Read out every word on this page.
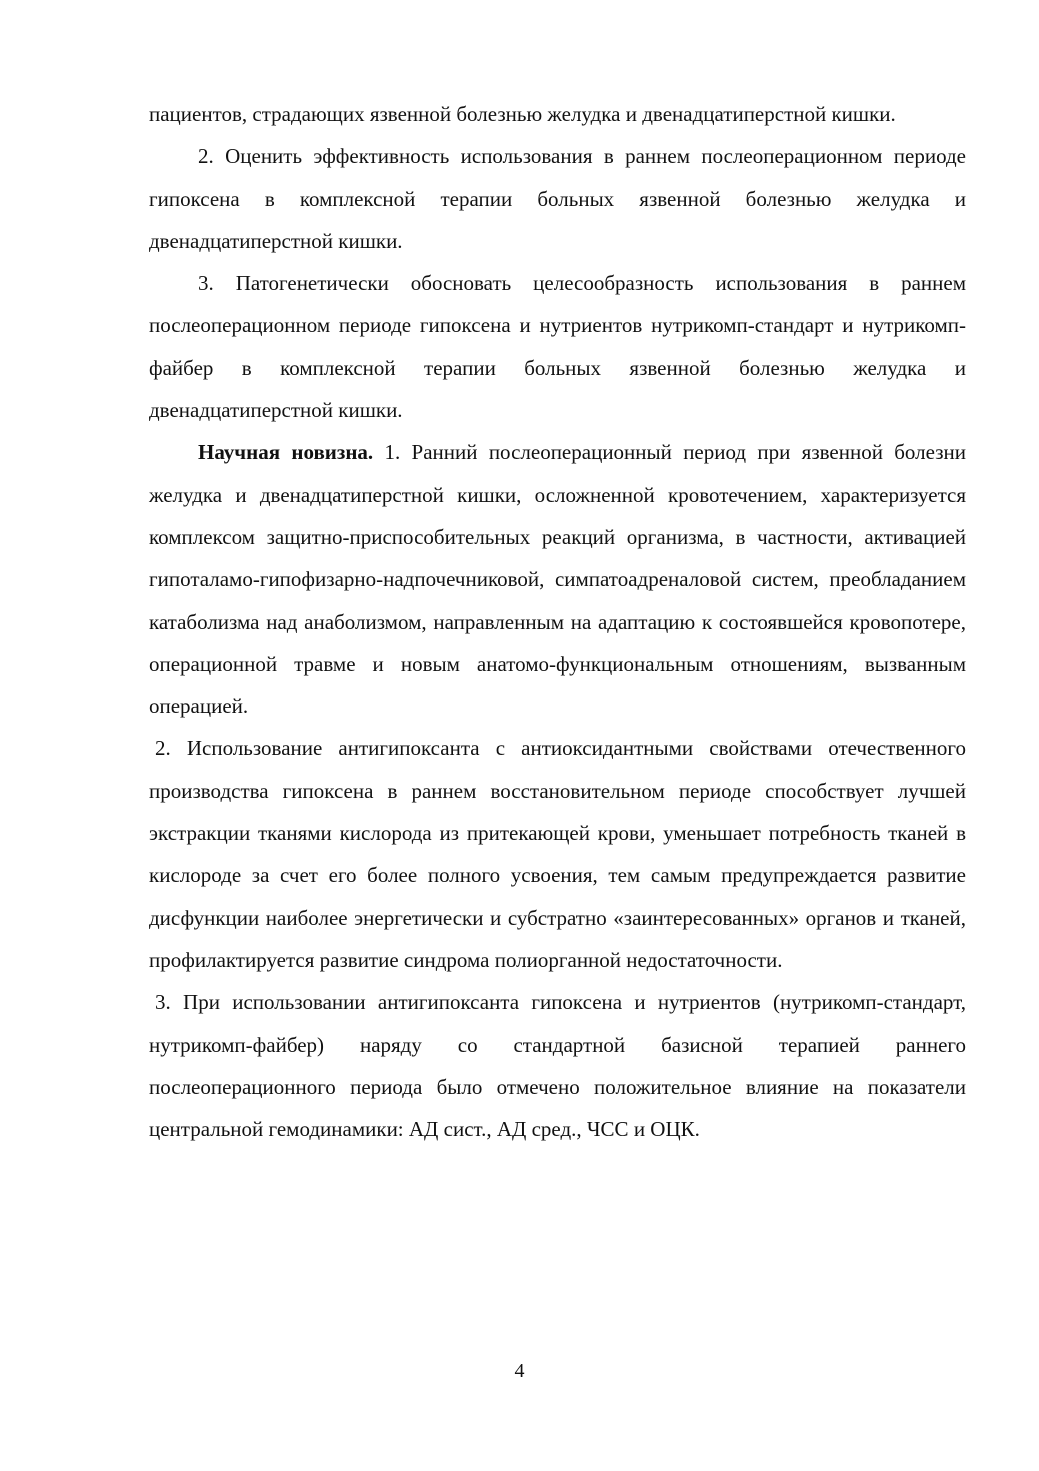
пациентов, страдающих язвенной болезнью желудка и двенадцатиперстной кишки.

2. Оценить эффективность использования в раннем послеоперационном периоде гипоксена в комплексной терапии больных язвенной болезнью желудка и двенадцатиперстной кишки.

3. Патогенетически обосновать целесообразность использования в раннем послеоперационном периоде гипоксена и нутриентов нутрикомп-стандарт и нутрикомп-файбер в комплексной терапии больных язвенной болезнью желудка и двенадцатиперстной кишки.

Научная новизна. 1. Ранний послеоперационный период при язвенной болезни желудка и двенадцатиперстной кишки, осложненной кровотечением, характеризуется комплексом защитно-приспособительных реакций организма, в частности, активацией гипоталамо-гипофизарно-надпочечниковой, симпатоадреналовой систем, преобладанием катаболизма над анаболизмом, направленным на адаптацию к состоявшейся кровопотере, операционной травме и новым анатомо-функциональным отношениям, вызванным операцией.

2. Использование антигипоксанта с антиоксидантными свойствами отечественного производства гипоксена в раннем восстановительном периоде способствует лучшей экстракции тканями кислорода из притекающей крови, уменьшает потребность тканей в кислороде за счет его более полного усвоения, тем самым предупреждается развитие дисфункции наиболее энергетически и субстратно «заинтересованных» органов и тканей, профилактируется развитие синдрома полиорганной недостаточности.

3. При использовании антигипоксанта гипоксена и нутриентов (нутрикомп-стандарт, нутрикомп-файбер) наряду со стандартной базисной терапией раннего послеоперационного периода было отмечено положительное влияние на показатели центральной гемодинамики: АД сист., АД сред., ЧСС и ОЦК.

4
